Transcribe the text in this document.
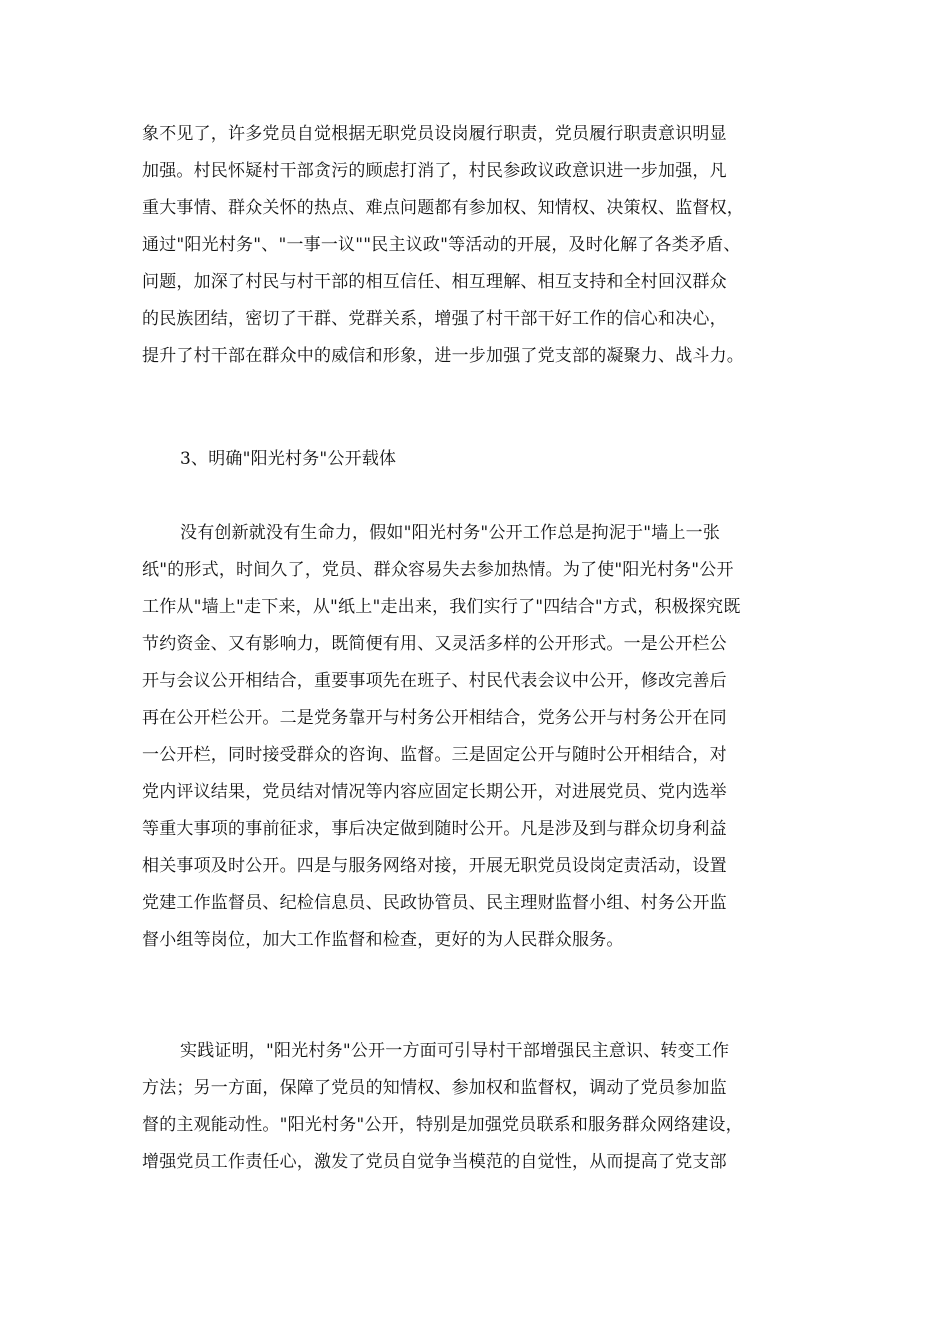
象不见了，许多党员自觉根据无职党员设岗履行职责，党员履行职责意识明显
加强。村民怀疑村干部贪污的顾虑打消了，村民参政议政意识进一步加强，凡
重大事情、群众关怀的热点、难点问题都有参加权、知情权、决策权、监督权，
通过"阳光村务"、"一事一议""民主议政"等活动的开展，及时化解了各类矛盾、
问题，加深了村民与村干部的相互信任、相互理解、相互支持和全村回汉群众
的民族团结，密切了干群、党群关系，增强了村干部干好工作的信心和决心，
提升了村干部在群众中的威信和形象，进一步加强了党支部的凝聚力、战斗力。
3、明确"阳光村务"公开载体
没有创新就没有生命力，假如"阳光村务"公开工作总是拘泥于"墙上一张
纸"的形式，时间久了，党员、群众容易失去参加热情。为了使"阳光村务"公开
工作从"墙上"走下来，从"纸上"走出来，我们实行了"四结合"方式，积极探究既
节约资金、又有影响力，既简便有用、又灵活多样的公开形式。一是公开栏公
开与会议公开相结合，重要事项先在班子、村民代表会议中公开，修改完善后
再在公开栏公开。二是党务靠开与村务公开相结合，党务公开与村务公开在同
一公开栏，同时接受群众的咨询、监督。三是固定公开与随时公开相结合，对
党内评议结果，党员结对情况等内容应固定长期公开，对进展党员、党内选举
等重大事项的事前征求，事后决定做到随时公开。凡是涉及到与群众切身利益
相关事项及时公开。四是与服务网络对接，开展无职党员设岗定责活动，设置
党建工作监督员、纪检信息员、民政协管员、民主理财监督小组、村务公开监
督小组等岗位，加大工作监督和检查，更好的为人民群众服务。
实践证明，"阳光村务"公开一方面可引导村干部增强民主意识、转变工作
方法；另一方面，保障了党员的知情权、参加权和监督权，调动了党员参加监
督的主观能动性。"阳光村务"公开，特别是加强党员联系和服务群众网络建设，
增强党员工作责任心，激发了党员自觉争当模范的自觉性，从而提高了党支部
